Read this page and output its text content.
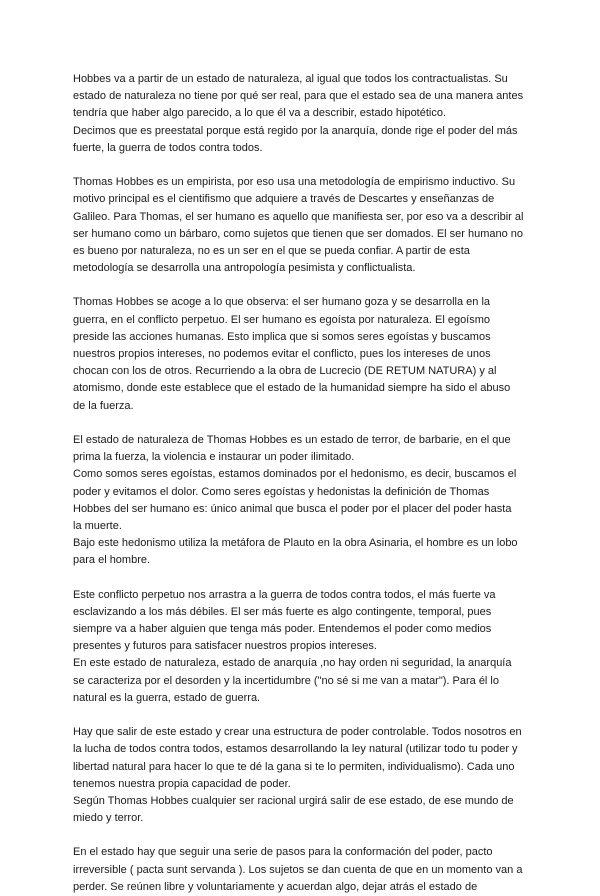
Hobbes va a partir de un estado de naturaleza, al igual que todos los contractualistas. Su
estado de naturaleza no tiene por qué ser real, para que el estado sea de una manera antes
tendría que haber algo parecido, a lo que él va a describir, estado hipotético.
Decimos que es preestatal porque está regido por la anarquía, donde rige el poder del más
fuerte, la guerra de todos contra todos.
Thomas Hobbes es un empirista, por eso usa una metodología de empirismo inductivo. Su
motivo principal es el cientifismo que adquiere a través de Descartes y enseñanzas de
Galileo. Para Thomas, el ser humano es aquello que manifiesta ser, por eso va a describir al
ser humano como un bárbaro, como sujetos que tienen que ser domados. El ser humano no
es bueno por naturaleza, no es un ser en el que se pueda confiar. A partir de esta
metodología se desarrolla una antropología pesimista y conflictualista.
Thomas Hobbes se acoge a lo que observa: el ser humano goza y se desarrolla en la
guerra, en el conflicto perpetuo. El ser humano es egoísta por naturaleza. El egoísmo
preside las acciones humanas. Esto implica que si somos seres egoístas y buscamos
nuestros propios intereses, no podemos evitar el conflicto, pues los intereses de unos
chocan con los de otros. Recurriendo a la obra de Lucrecio (DE RETUM NATURA) y al
atomismo, donde este establece que el estado de la humanidad siempre ha sido el abuso
de la fuerza.
El estado de naturaleza de Thomas Hobbes es un estado de terror, de barbarie, en el que
prima la fuerza, la violencia e instaurar un poder ilimitado.
Como somos seres egoístas, estamos dominados por el hedonismo, es decir, buscamos el
poder y evitamos el dolor. Como seres egoístas y hedonistas la definición de Thomas
Hobbes del ser humano es: único animal que busca el poder por el placer del poder hasta
la muerte.
Bajo este hedonismo utiliza la metáfora de Plauto en la obra Asinaria, el hombre es un lobo
para el hombre.
Este conflicto perpetuo nos arrastra a la guerra de todos contra todos, el más fuerte va
esclavizando a los más débiles. El ser más fuerte es algo contingente, temporal, pues
siempre va a haber alguien que tenga más poder. Entendemos el poder como medios
presentes y futuros para satisfacer nuestros propios intereses.
En este estado de naturaleza, estado de anarquía ,no hay orden ni seguridad, la anarquía
se caracteriza por el desorden y la incertidumbre ("no sé si me van a matar"). Para él lo
natural es la guerra, estado de guerra.
Hay que salir de este estado y crear una estructura de poder controlable. Todos nosotros en
la lucha de todos contra todos, estamos desarrollando la ley natural (utilizar todo tu poder y
libertad natural para hacer lo que te dé la gana si te lo permiten, individualismo). Cada uno
tenemos nuestra propia capacidad de poder.
Según Thomas Hobbes cualquier ser racional urgirá salir de ese estado, de ese mundo de
miedo y terror.
En el estado hay que seguir una serie de pasos para la conformación del poder, pacto
irreversible ( pacta sunt servanda ). Los sujetos se dan cuenta de que en un momento van a
perder. Se reúnen libre y voluntariamente y acuerdan algo, dejar atrás el estado de
